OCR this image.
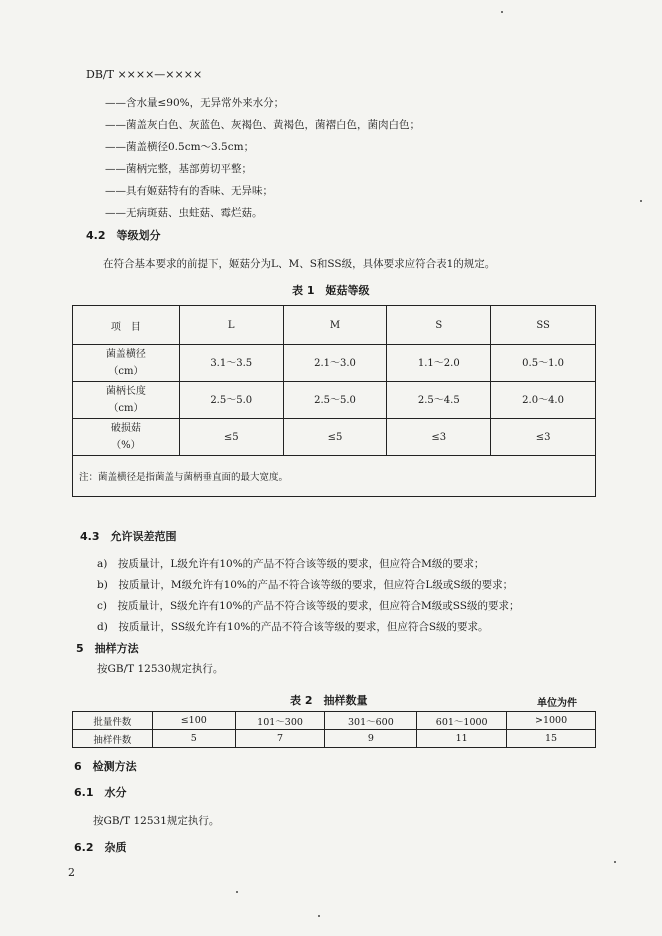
DB/T ××××—××××
——含水量≤90%，无异常外来水分；
——菌盖灰白色、灰蓝色、灰褐色、黄褐色，菌褶白色，菌肉白色；
——菌盖横径0.5cm～3.5cm；
——菌柄完整，基部剪切平整；
——具有姬菇特有的香味、无异味；
——无病斑菇、虫蛀菇、霉烂菇。
4.2　等级划分
在符合基本要求的前提下，姬菇分为L、M、S和SS级，具体要求应符合表1的规定。
表 1　姬菇等级
项　目	L	M	S	SS

菌盖横径
（cm）	3.1～3.5	2.1～3.0	1.1～2.0	0.5～1.0

菌柄长度
（cm）	2.5～5.0	2.5～5.0	2.5～4.5	2.0～4.0

破损菇
（%）	≤5	≤5	≤3	≤3
注：菌盖横径是指菌盖与菌柄垂直面的最大宽度。				
4.3　允许误差范围
a)　按质量计，L级允许有10%的产品不符合该等级的要求，但应符合M级的要求；
b)　按质量计，M级允许有10%的产品不符合该等级的要求，但应符合L级或S级的要求；
c)　按质量计，S级允许有10%的产品不符合该等级的要求，但应符合M级或SS级的要求；
d)　按质量计，SS级允许有10%的产品不符合该等级的要求，但应符合S级的要求。
5　抽样方法
按GB/T 12530规定执行。
表 2　抽样数量	单位为件
批量件数	≤100	101～300	301～600	601～1000	>1000
抽样件数	5	7	9	11	15
6　检测方法
6.1　水分
按GB/T 12531规定执行。
6.2　杂质
2
